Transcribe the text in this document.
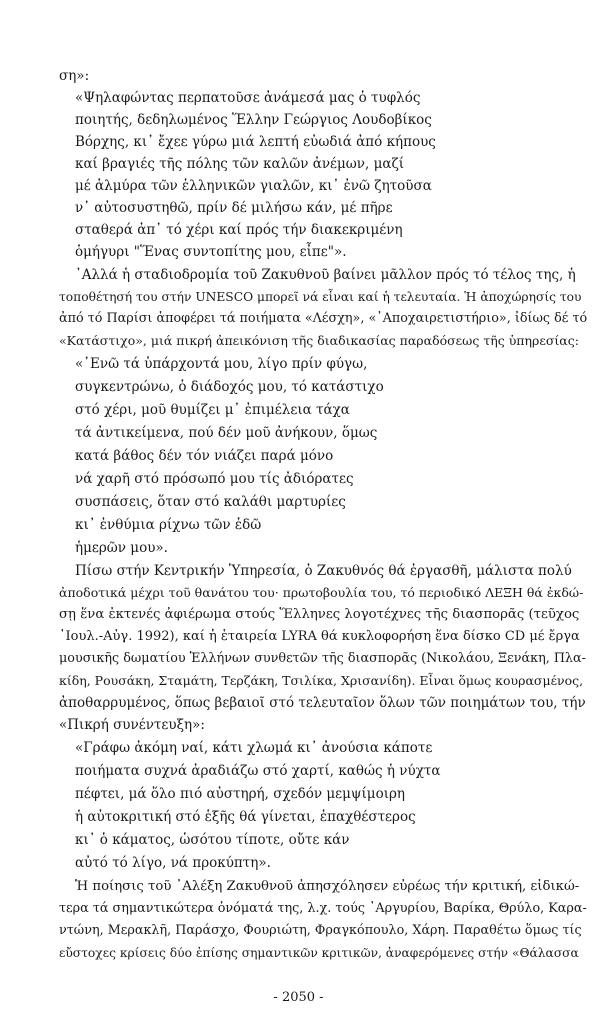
ση»:
«Ψηλαφώντας περπατοῦσε ἀνάμεσά μας ὁ τυφλός
ποιητής, δεδηλωμένος Ἕλλην Γεώργιος Λουδοβίκος
Βόρχης, κι᾽ ἔχεε γύρω μιά λεπτή εὐωδιά ἀπό κήπους
καί βραγιές τῆς πόλης τῶν καλῶν ἀνέμων, μαζί
μέ ἁλμύρα τῶν ἑλληνικῶν γιαλῶν, κι᾽ ἐνῶ ζητοῦσα
ν᾽ αὐτοσυστηθῶ, πρίν δέ μιλήσω κάν, μέ πῆρε
σταθερά ἀπ᾽ τό χέρι καί πρός τήν διακεκριμένη
ὁμήγυρι "Ἕνας συντοπίτης μου, εἶπε"».
᾽Αλλά ἡ σταδιοδρομία τοῦ Ζακυθνοῦ βαίνει μᾶλλον πρός τό τέλος της, ἡ
τοποθέτησή του στήν UNESCO μπορεῖ νά εἶναι καί ἡ τελευταία. Ἡ ἀποχώρησίς του
ἀπό τό Παρίσι ἀποφέρει τά ποιήματα «Λέσχη», «᾽Αποχαιρετιστήριο», ἰδίως δέ τό
«Κατάστιχο», μιά πικρή ἀπεικόνιση τῆς διαδικασίας παραδόσεως τῆς ὑπηρεσίας:
«᾽Ενῶ τά ὑπάρχοντά μου, λίγο πρίν φύγω,
συγκεντρώνω, ὁ διάδοχός μου, τό κατάστιχο
στό χέρι, μοῦ θυμίζει μ᾽ ἐπιμέλεια τάχα
τά ἀντικείμενα, πού δέν μοῦ ἀνήκουν, ὅμως
κατά βάθος δέν τόν νιάζει παρά μόνο
νά χαρῆ στό πρόσωπό μου τίς ἀδιόρατες
συσπάσεις, ὅταν στό καλάθι μαρτυρίες
κι᾽ ἐνθύμια ρίχνω τῶν ἐδῶ
ἡμερῶν μου».
Πίσω στήν Κεντρικήν Ὑπηρεσία, ὁ Ζακυθνός θά ἐργασθῆ, μάλιστα πολύ
ἀποδοτικά μέχρι τοῦ θανάτου του· πρωτοβουλία του, τό περιοδικό ΛΕΞΗ θά ἐκδώ-
σῃ ἕνα ἐκτενές ἀφιέρωμα στούς Ἕλληνες λογοτέχνες τῆς διασπορᾶς (τεῦχος
᾽Ιουλ.-Αὐγ. 1992), καί ἡ ἑταιρεία LYRA θά κυκλοφορήση ἕνα δίσκο CD μέ ἔργα
μουσικῆς δωματίου Ἑλλήνων συνθετῶν τῆς διασπορᾶς (Νικολάου, Ξενάκη, Πλα-
κίδη, Ρουσάκη, Σταμάτη, Τερζάκη, Τσιλίκα, Χρισανίδη). Εἶναι ὅμως κουρασμένος,
ἀποθαρρυμένος, ὅπως βεβαιοῖ στό τελευταῖον ὅλων τῶν ποιημάτων του, τήν
«Πικρή συνέντευξη»:
«Γράφω ἀκόμη ναί, κάτι χλωμά κι᾽ ἀνούσια κάποτε
ποιήματα συχνά ἀραδιάζω στό χαρτί, καθώς ἡ νύχτα
πέφτει, μά ὅλο πιό αὐστηρή, σχεδόν μεμψίμοιρη
ἡ αὐτοκριτική στό ἑξῆς θά γίνεται, ἐπαχθέστερος
κι᾽ ὁ κάματος, ὡσότου τίποτε, οὔτε κάν
αὐτό τό λίγο, νά προκύπτη».
Ἡ ποίησις τοῦ ᾽Αλέξη Ζακυθνοῦ ἀπησχόλησεν εὐρέως τήν κριτική, εἰδικώ-
τερα τά σημαντικώτερα ὀνόματά της, λ.χ. τούς ᾽Αργυρίου, Βαρίκα, Θρύλο, Καρα-
ντώνη, Μερακλῆ, Παράσχο, Φουριώτη, Φραγκόπουλο, Χάρη. Παραθέτω ὅμως τίς
εὔστοχες κρίσεις δύο ἐπίσης σημαντικῶν κριτικῶν, ἀναφερόμενες στήν «Θάλασσα
- 2050 -
